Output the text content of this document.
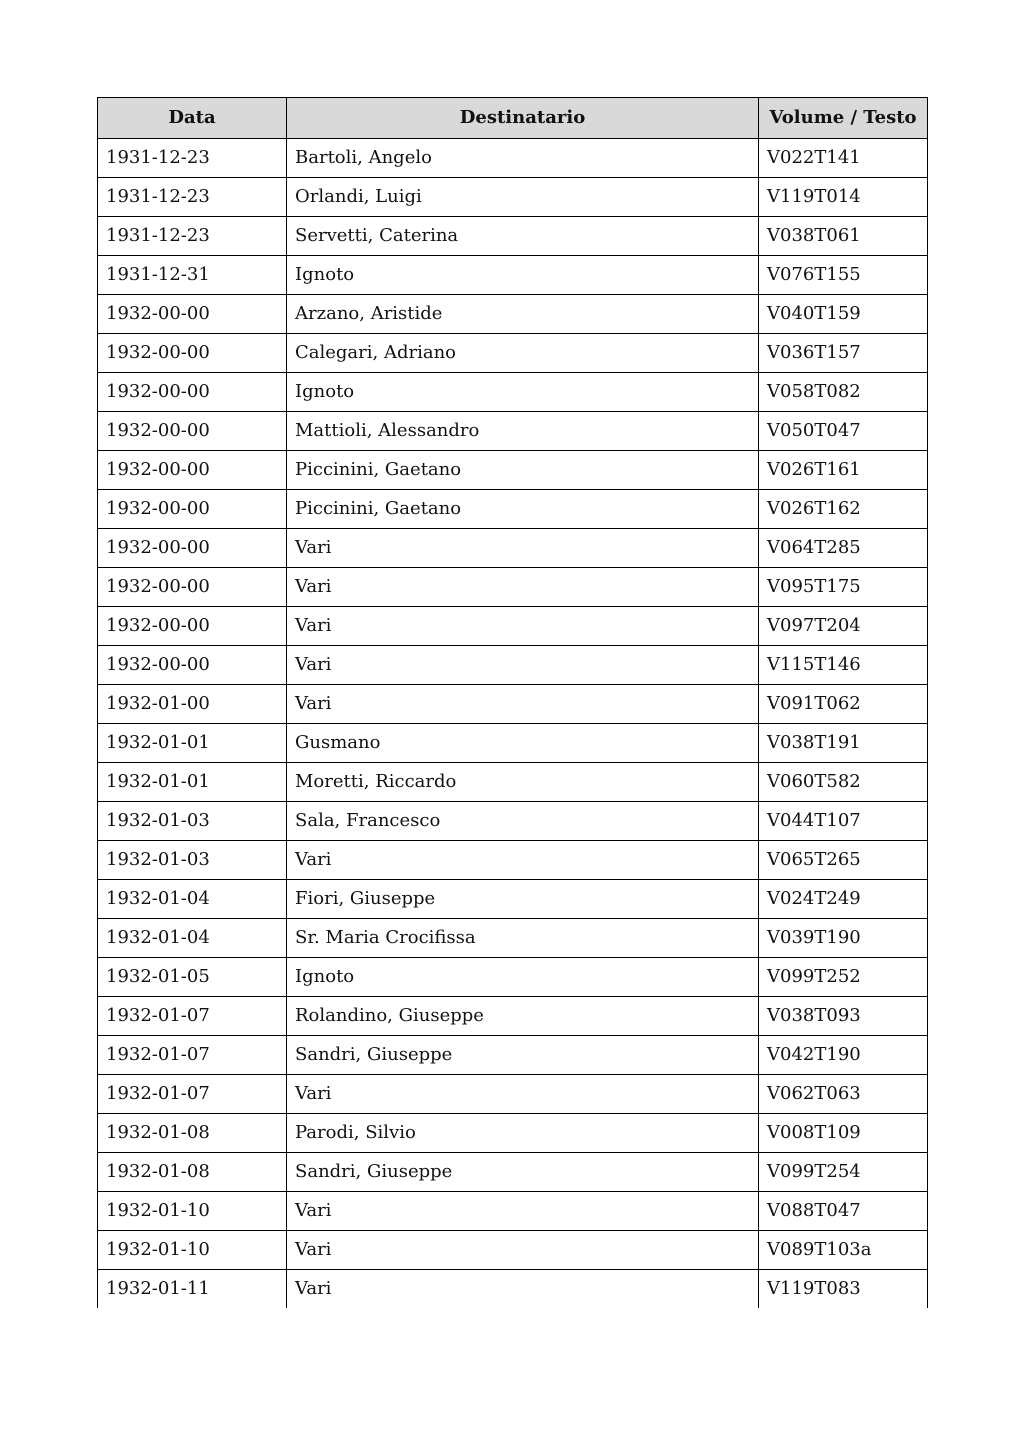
Data	Destinatario	Volume / Testo
1931-12-23	Bartoli, Angelo	V022T141
1931-12-23	Orlandi, Luigi	V119T014
1931-12-23	Servetti, Caterina	V038T061
1931-12-31	Ignoto	V076T155
1932-00-00	Arzano, Aristide	V040T159
1932-00-00	Calegari, Adriano	V036T157
1932-00-00	Ignoto	V058T082
1932-00-00	Mattioli, Alessandro	V050T047
1932-00-00	Piccinini, Gaetano	V026T161
1932-00-00	Piccinini, Gaetano	V026T162
1932-00-00	Vari	V064T285
1932-00-00	Vari	V095T175
1932-00-00	Vari	V097T204
1932-00-00	Vari	V115T146
1932-01-00	Vari	V091T062
1932-01-01	Gusmano	V038T191
1932-01-01	Moretti, Riccardo	V060T582
1932-01-03	Sala, Francesco	V044T107
1932-01-03	Vari	V065T265
1932-01-04	Fiori, Giuseppe	V024T249
1932-01-04	Sr. Maria Crocifissa	V039T190
1932-01-05	Ignoto	V099T252
1932-01-07	Rolandino, Giuseppe	V038T093
1932-01-07	Sandri, Giuseppe	V042T190
1932-01-07	Vari	V062T063
1932-01-08	Parodi, Silvio	V008T109
1932-01-08	Sandri, Giuseppe	V099T254
1932-01-10	Vari	V088T047
1932-01-10	Vari	V089T103a
1932-01-11	Vari	V119T083
